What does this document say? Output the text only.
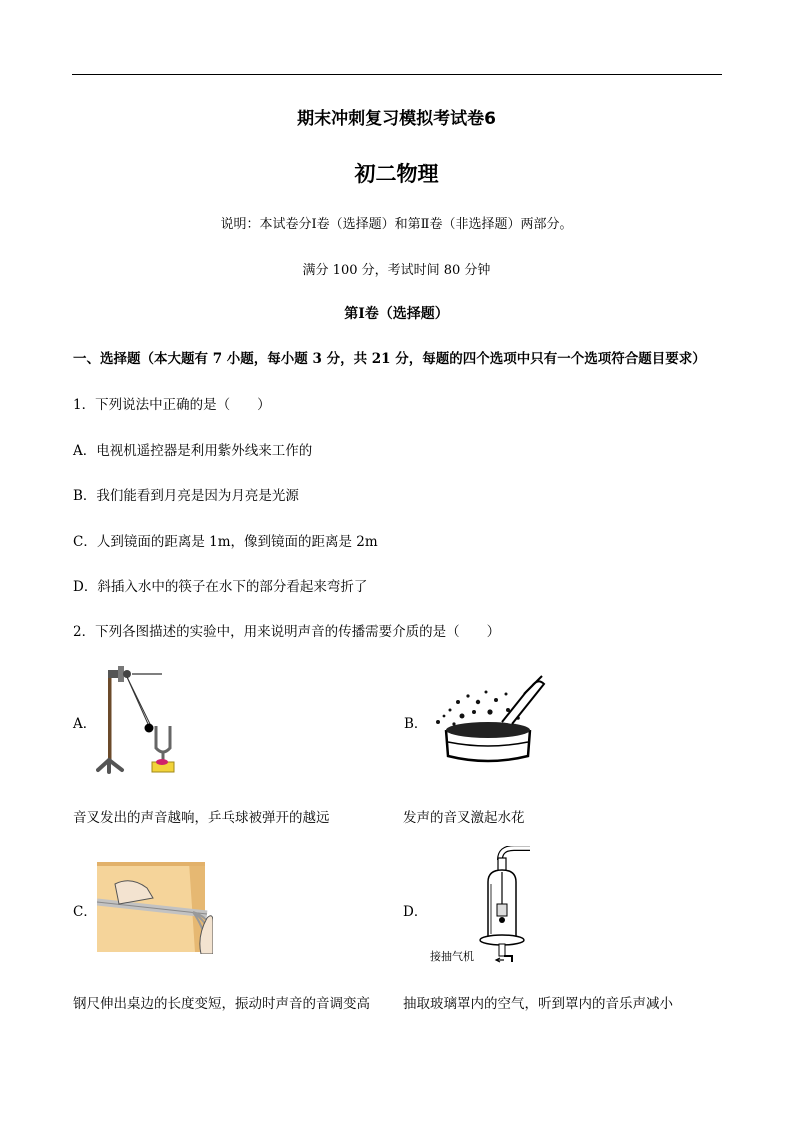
期末冲刺复习模拟考试卷6
初二物理
说明：本试卷分Ⅰ卷（选择题）和第Ⅱ卷（非选择题）两部分。
满分 100 分，考试时间 80 分钟
第Ⅰ卷（选择题）
一、选择题（本大题有 7 小题，每小题 3 分，共 21 分，每题的四个选项中只有一个选项符合题目要求）
1．下列说法中正确的是（　　）
A．电视机遥控器是利用紫外线来工作的
B．我们能看到月亮是因为月亮是光源
C．人到镜面的距离是 1m，像到镜面的距离是 2m
D．斜插入水中的筷子在水下的部分看起来弯折了
2．下列各图描述的实验中，用来说明声音的传播需要介质的是（　　）
A．
音叉发出的声音越响，乒乓球被弹开的越远
B．
发声的音叉激起水花
C．
钢尺伸出桌边的长度变短，振动时声音的音调变高
D．
接抽气机
抽取玻璃罩内的空气，听到罩内的音乐声减小
